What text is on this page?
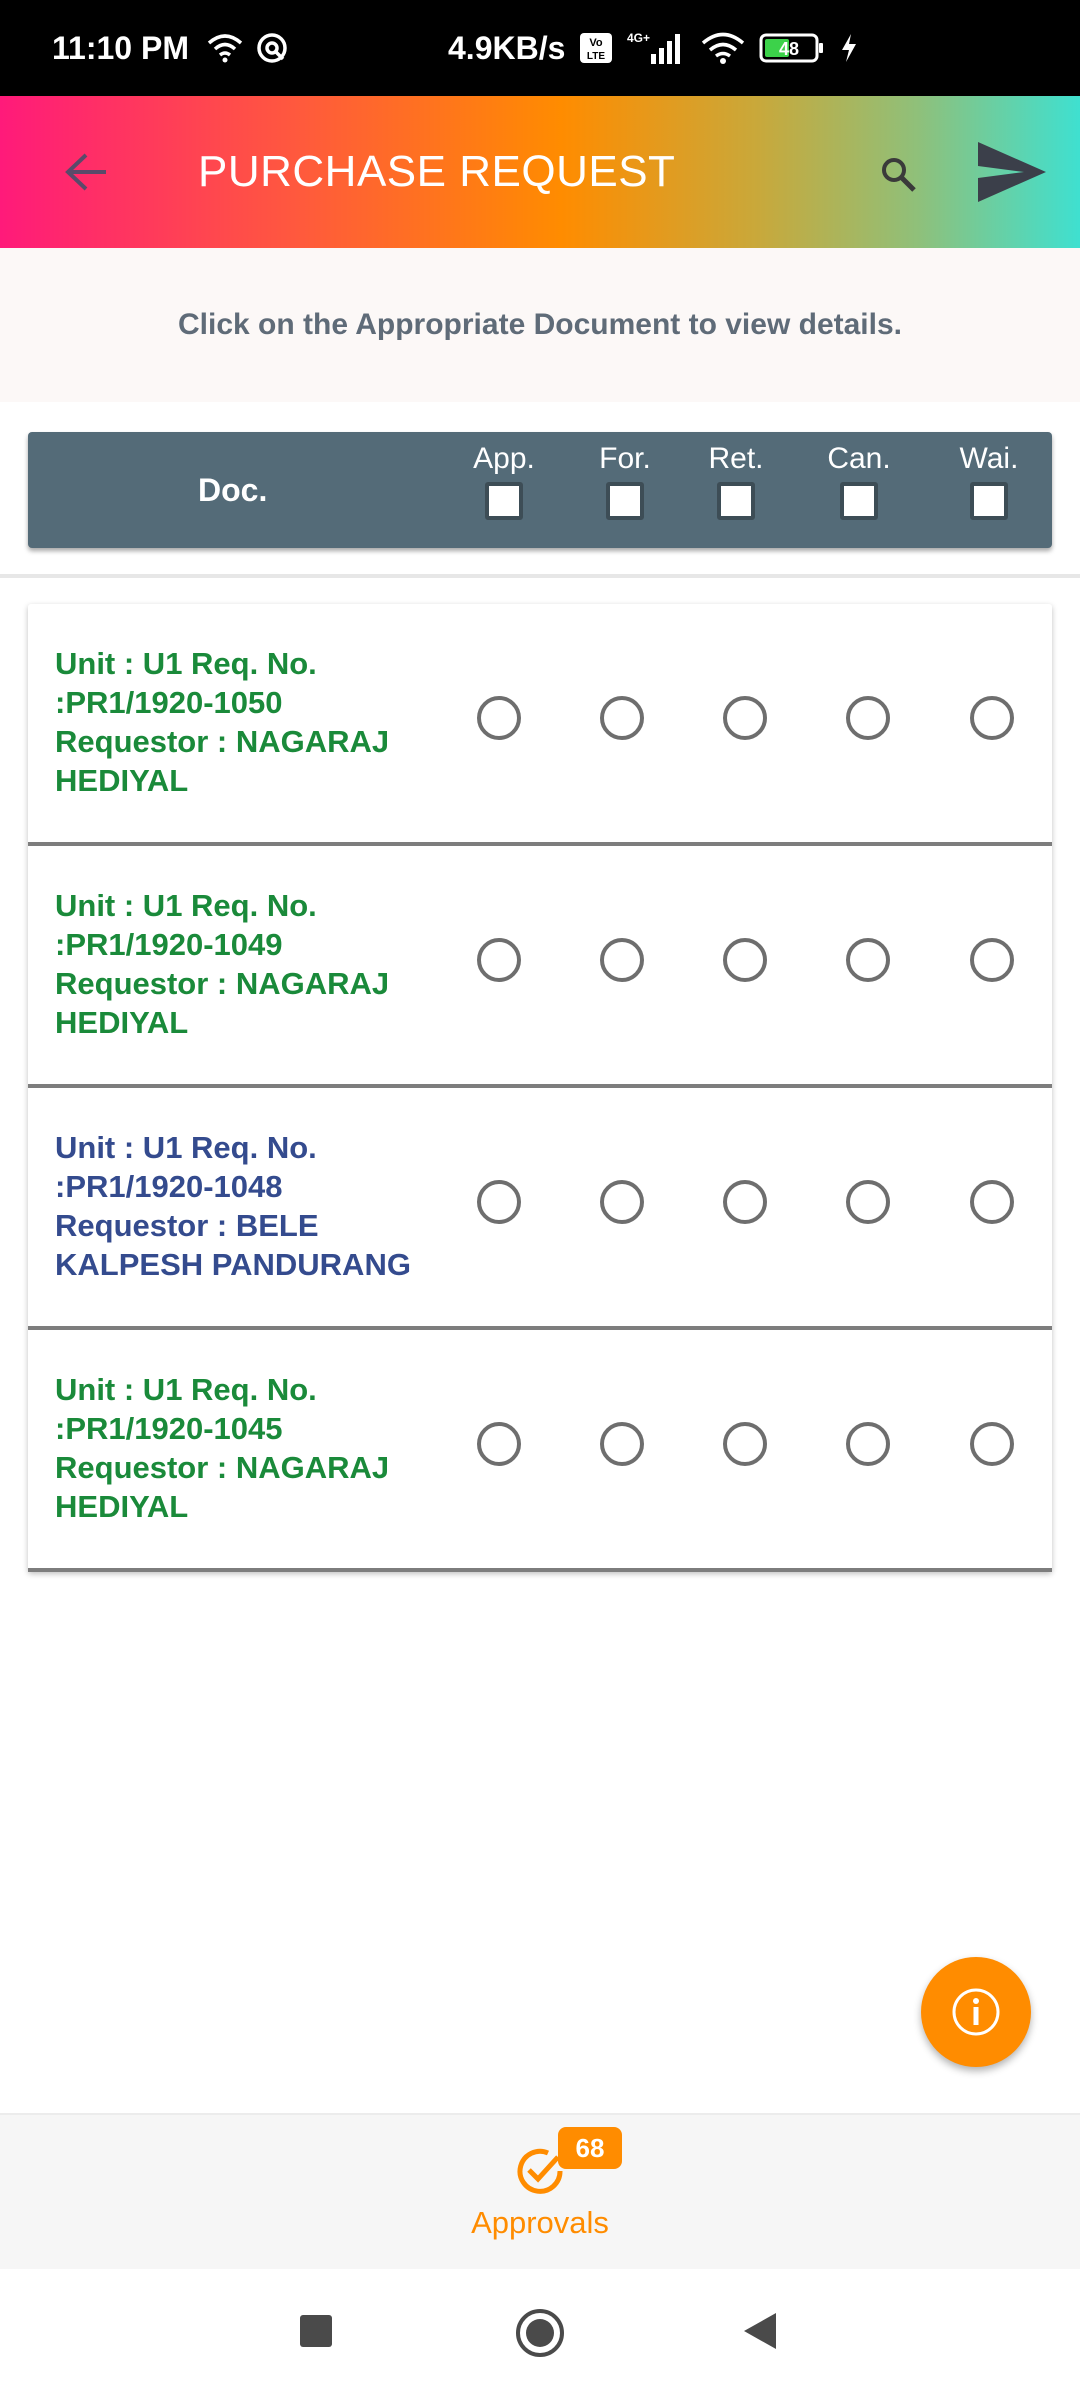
11:10 PM	4.9KB/s Vo
LTE
4G+
48
PURCHASE REQUEST
Click on the Appropriate Document to view details.
Doc.
App.	For.	Ret.	Can.	Wai.
Unit : U1 Req. No. :PR1/1920-1050 Requestor : NAGARAJ HEDIYAL
Unit : U1 Req. No. :PR1/1920-1049 Requestor : NAGARAJ HEDIYAL
Unit : U1 Req. No. :PR1/1920-1048 Requestor : BELE KALPESH PANDURANG
Unit : U1 Req. No. :PR1/1920-1045 Requestor : NAGARAJ HEDIYAL
68
Approvals
